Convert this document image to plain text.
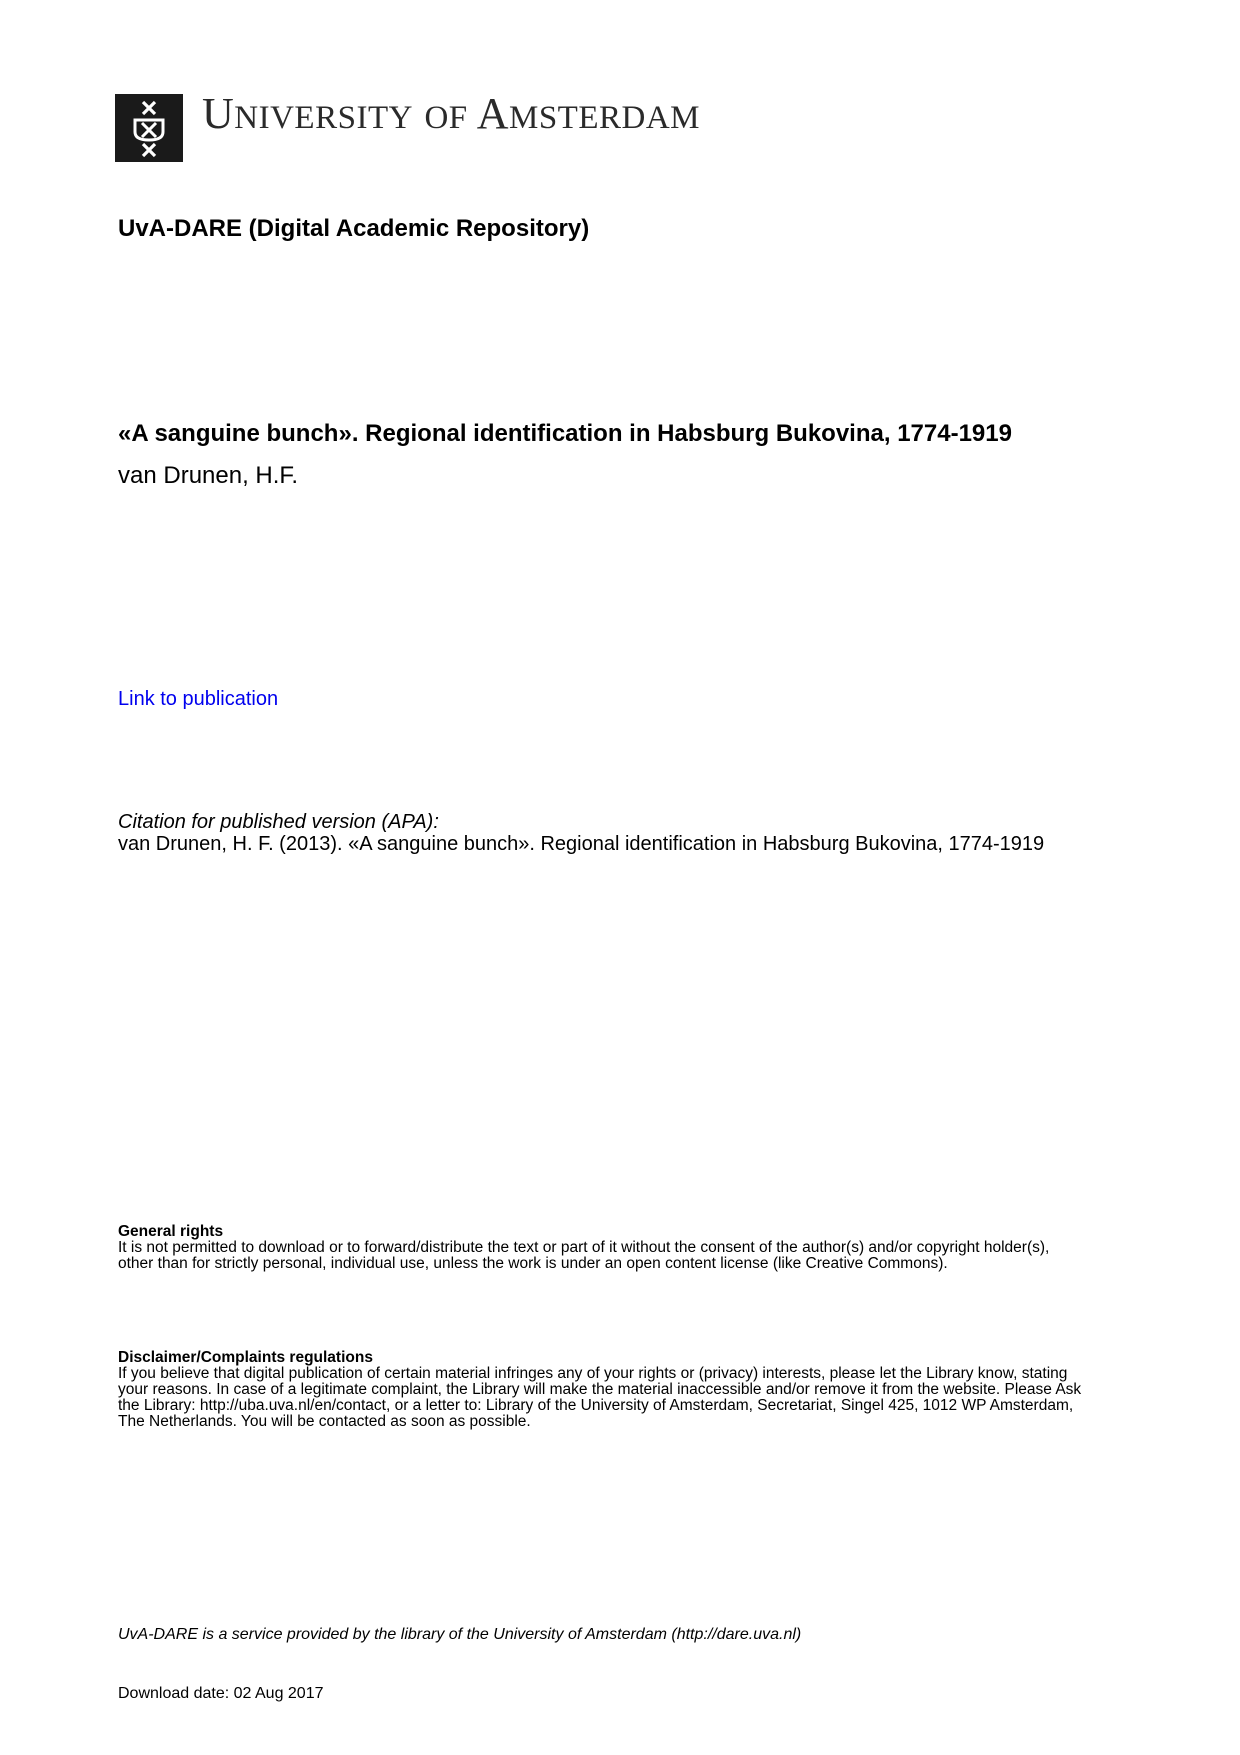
UNIVERSITY OF AMSTERDAM
UvA-DARE (Digital Academic Repository)
«A sanguine bunch». Regional identification in Habsburg Bukovina, 1774-1919
van Drunen, H.F.
Link to publication
Citation for published version (APA):
van Drunen, H. F. (2013). «A sanguine bunch». Regional identification in Habsburg Bukovina, 1774-1919
General rights
It is not permitted to download or to forward/distribute the text or part of it without the consent of the author(s) and/or copyright holder(s),
other than for strictly personal, individual use, unless the work is under an open content license (like Creative Commons).
Disclaimer/Complaints regulations
If you believe that digital publication of certain material infringes any of your rights or (privacy) interests, please let the Library know, stating
your reasons. In case of a legitimate complaint, the Library will make the material inaccessible and/or remove it from the website. Please Ask
the Library: http://uba.uva.nl/en/contact, or a letter to: Library of the University of Amsterdam, Secretariat, Singel 425, 1012 WP Amsterdam,
The Netherlands. You will be contacted as soon as possible.
UvA-DARE is a service provided by the library of the University of Amsterdam (http://dare.uva.nl)
Download date: 02 Aug 2017
